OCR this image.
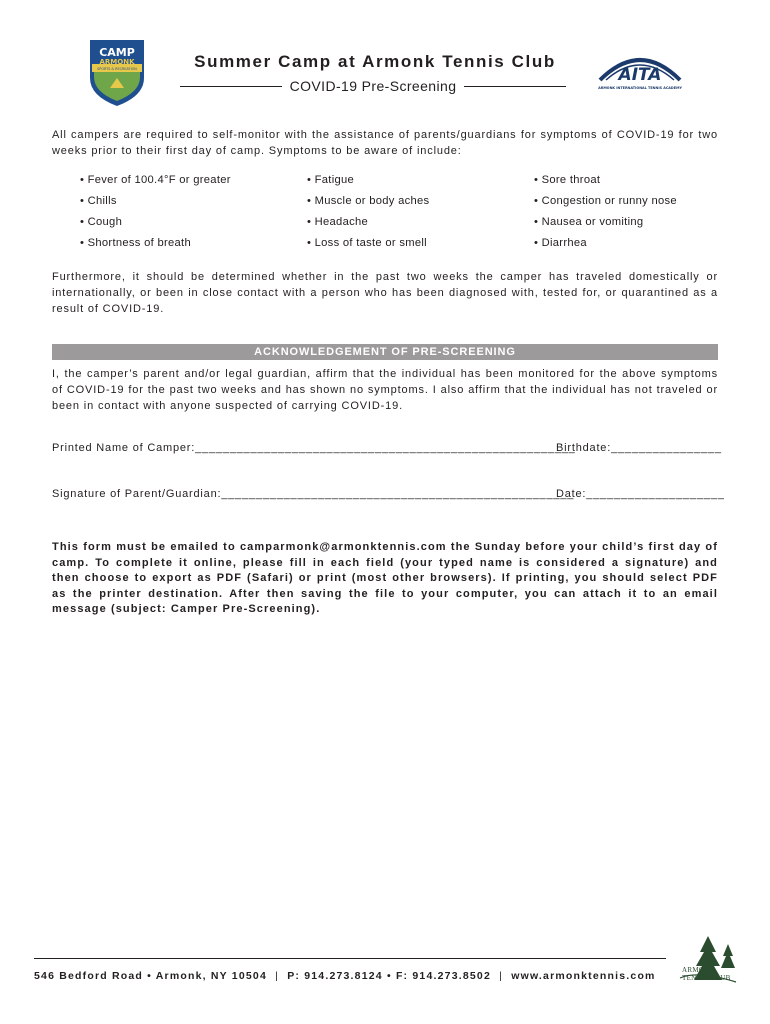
CAMP
ARMONK
SPORTS & RECREATION	Summer Camp at Armonk Tennis Club
COVID-19 Pre-Screening
AITA
ARMONK INTERNATIONAL TENNIS ACADEMY
All campers are required to self-monitor with the assistance of parents/guardians for symptoms of COVID-19 for two weeks prior to their first day of camp. Symptoms to be aware of include:
• Fever of 100.4°F or greater
• Chills
• Cough
• Shortness of breath
• Fatigue
• Muscle or body aches
• Headache
• Loss of taste or smell
• Sore throat
• Congestion or runny nose
• Nausea or vomiting
• Diarrhea
Furthermore, it should be determined whether in the past two weeks the camper has traveled domestically or internationally, or been in close contact with a person who has been diagnosed with, tested for, or quarantined as a result of COVID-19.
ACKNOWLEDGEMENT OF PRE-SCREENING
I, the camper’s parent and/or legal guardian, affirm that the individual has been monitored for the above symptoms of COVID-19 for the past two weeks and has shown no symptoms. I also affirm that the individual has not traveled or been in contact with anyone suspected of carrying COVID-19.
Printed Name of Camper:_______________________________________________________
Birthdate:________________
Signature of Parent/Guardian:___________________________________________________
Date:____________________
This form must be emailed to camparmonk@armonktennis.com the Sunday before your child’s first day of camp. To complete it online, please fill in each field (your typed name is considered a signature) and then choose to export as PDF (Safari) or print (most other browsers). If printing, you should select PDF as the printer destination. After then saving the file to your computer, you can attach it to an email message (subject: Camper Pre-Screening).
546 Bedford Road • Armonk, NY 10504 | P: 914.273.8124 • F: 914.273.8502 | www.armonktennis.com	ARMONK
TENNIS CLUB
